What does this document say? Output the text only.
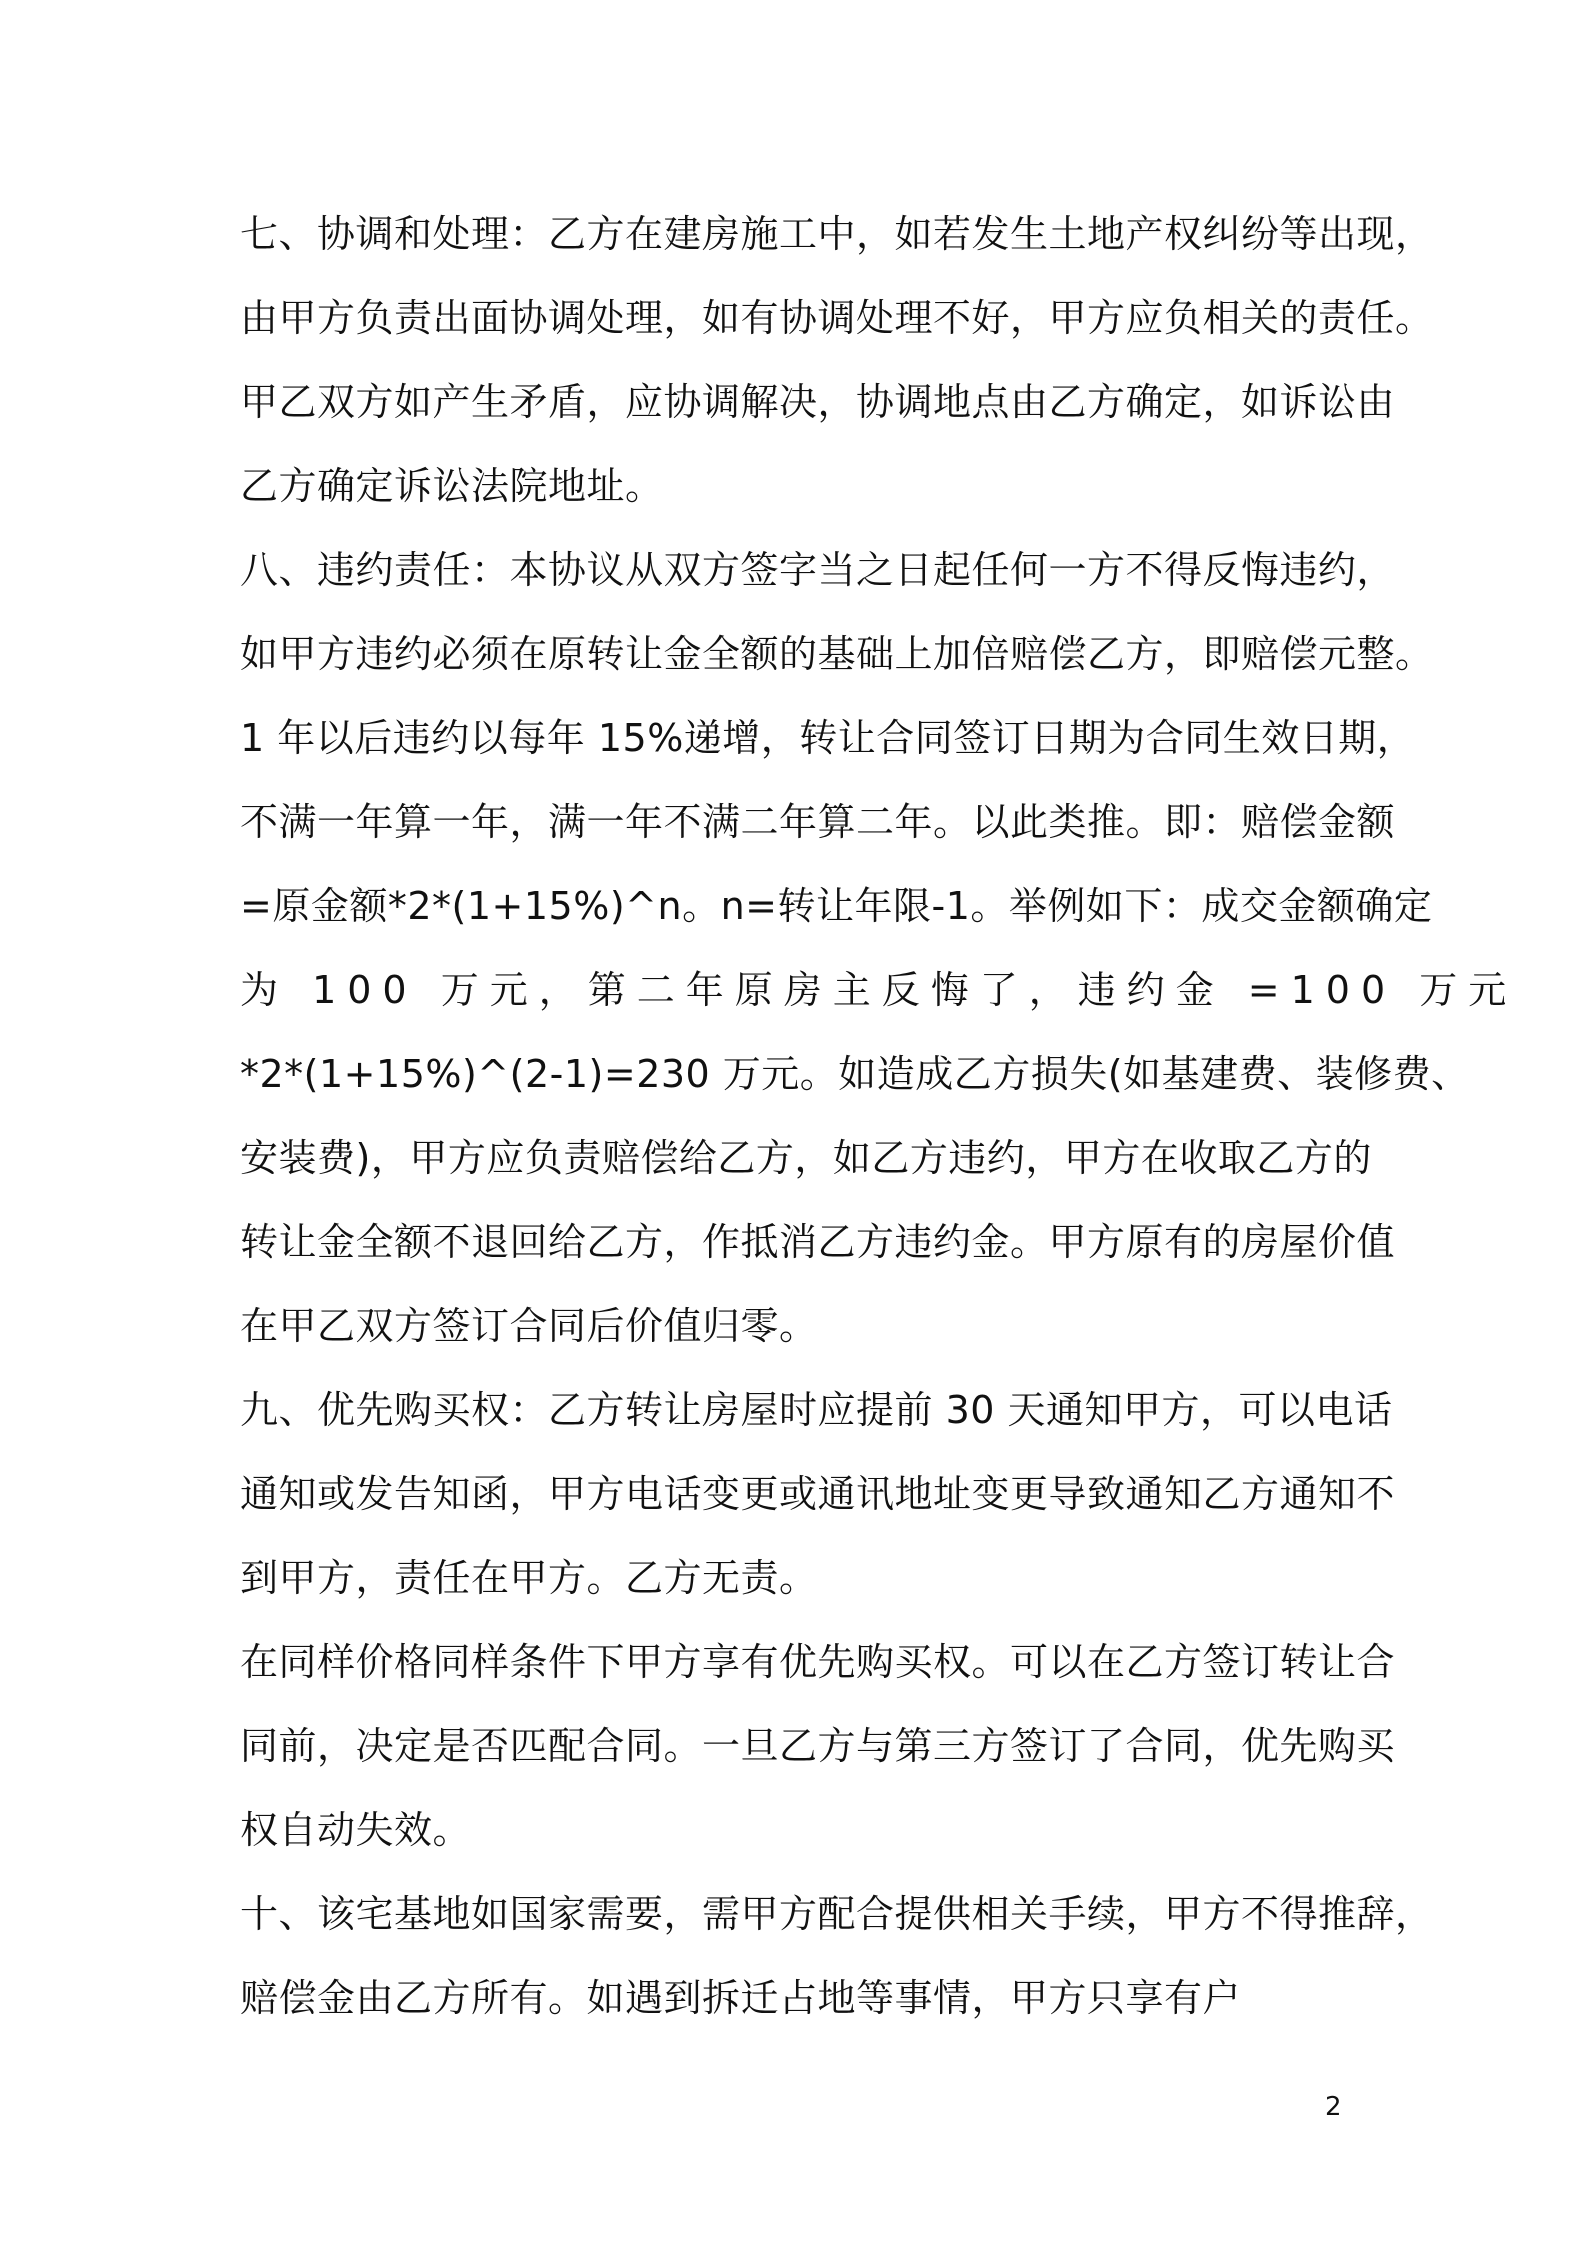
七、协调和处理：乙方在建房施工中，如若发生土地产权纠纷等出现，
由甲方负责出面协调处理，如有协调处理不好，甲方应负相关的责任。
甲乙双方如产生矛盾，应协调解决，协调地点由乙方确定，如诉讼由
乙方确定诉讼法院地址。
八、违约责任：本协议从双方签字当之日起任何一方不得反悔违约，
如甲方违约必须在原转让金全额的基础上加倍赔偿乙方，即赔偿元整。
1 年以后违约以每年 15%递增，转让合同签订日期为合同生效日期，
不满一年算一年，满一年不满二年算二年。以此类推。即：赔偿金额
=原金额*2*(1+15%)^n。n=转让年限-1。举例如下：成交金额确定
为 100 万元，第二年原房主反悔了，违约金 =100 万元
*2*(1+15%)^(2-1)=230 万元。如造成乙方损失(如基建费、装修费、
安装费)，甲方应负责赔偿给乙方，如乙方违约，甲方在收取乙方的
转让金全额不退回给乙方，作抵消乙方违约金。甲方原有的房屋价值
在甲乙双方签订合同后价值归零。
九、优先购买权：乙方转让房屋时应提前 30 天通知甲方，可以电话
通知或发告知函，甲方电话变更或通讯地址变更导致通知乙方通知不
到甲方，责任在甲方。乙方无责。
在同样价格同样条件下甲方享有优先购买权。可以在乙方签订转让合
同前，决定是否匹配合同。一旦乙方与第三方签订了合同，优先购买
权自动失效。
十、该宅基地如国家需要，需甲方配合提供相关手续，甲方不得推辞，
赔偿金由乙方所有。如遇到拆迁占地等事情，甲方只享有户
2
